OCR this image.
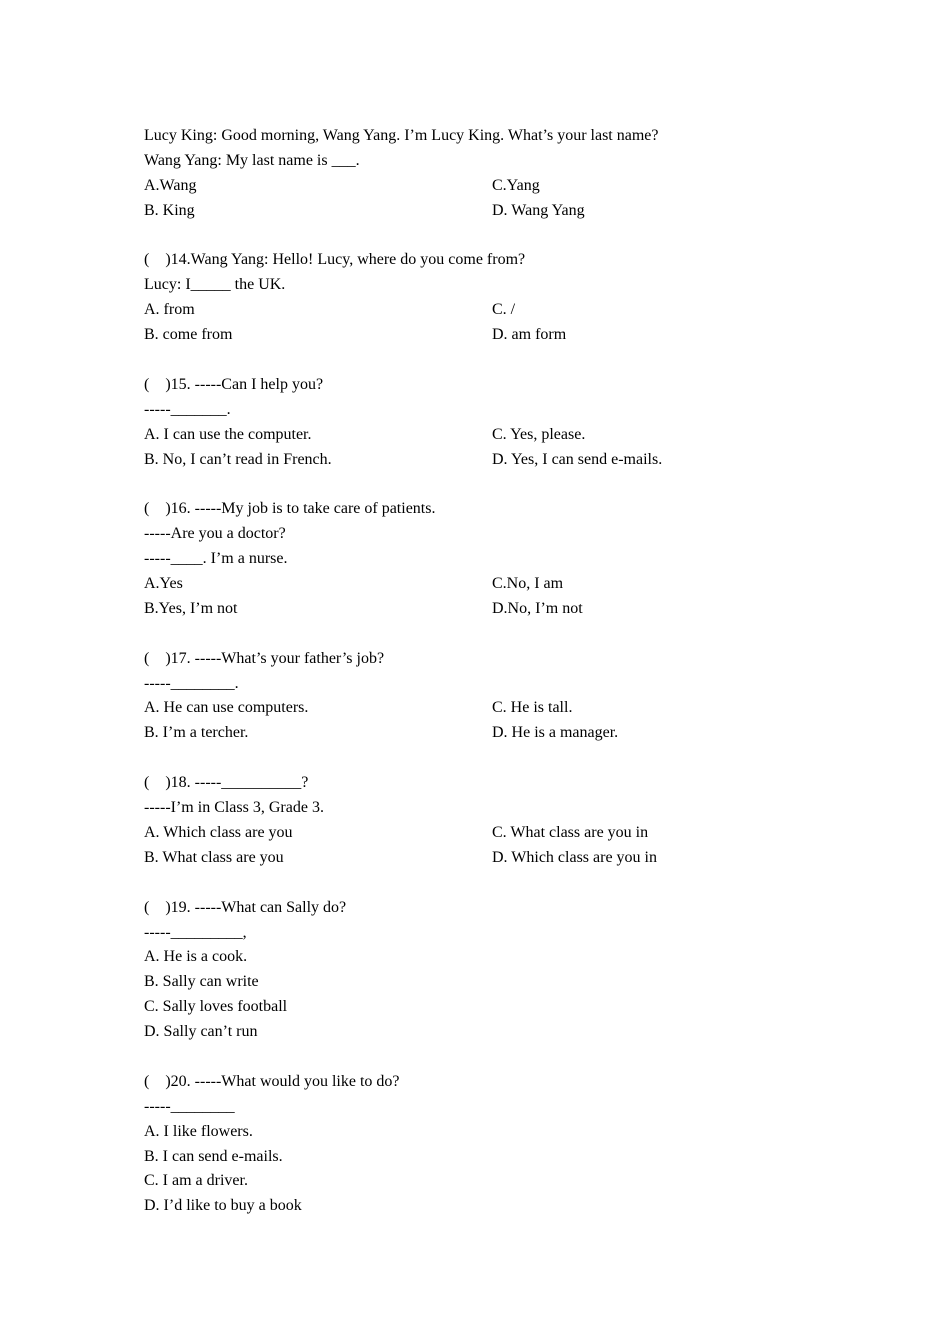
Lucy King: Good morning, Wang Yang. I’m Lucy King. What’s your last name?
Wang Yang: My last name is ___.
A.Wang	C.Yang
B. King	D. Wang Yang
(    )14.Wang Yang: Hello! Lucy, where do you come from?
Lucy: I_____ the UK.
A. from	C. /
B. come from	D. am form
(    )15. -----Can I help you?
-----_______.
A. I can use the computer.	C. Yes, please.
B. No, I can’t read in French.	D. Yes, I can send e-mails.
(    )16. -----My job is to take care of patients.
-----Are you a doctor?
-----____. I’m a nurse.
A.Yes	C.No, I am
B.Yes, I’m not	D.No, I’m not
(    )17. -----What’s your father’s job?
-----________.
A. He can use computers.	C. He is tall.
B. I’m a tercher.	D. He is a manager.
(    )18. -----__________?
-----I’m in Class 3, Grade 3.
A. Which class are you	C. What class are you in
B. What class are you	D. Which class are you in
(    )19. -----What can Sally do?
-----_________,
A. He is a cook.
B. Sally can write
C. Sally loves football
D. Sally can’t run
(    )20. -----What would you like to do?
-----________
A. I like flowers.
B. I can send e-mails.
C. I am a driver.
D. I’d like to buy a book
